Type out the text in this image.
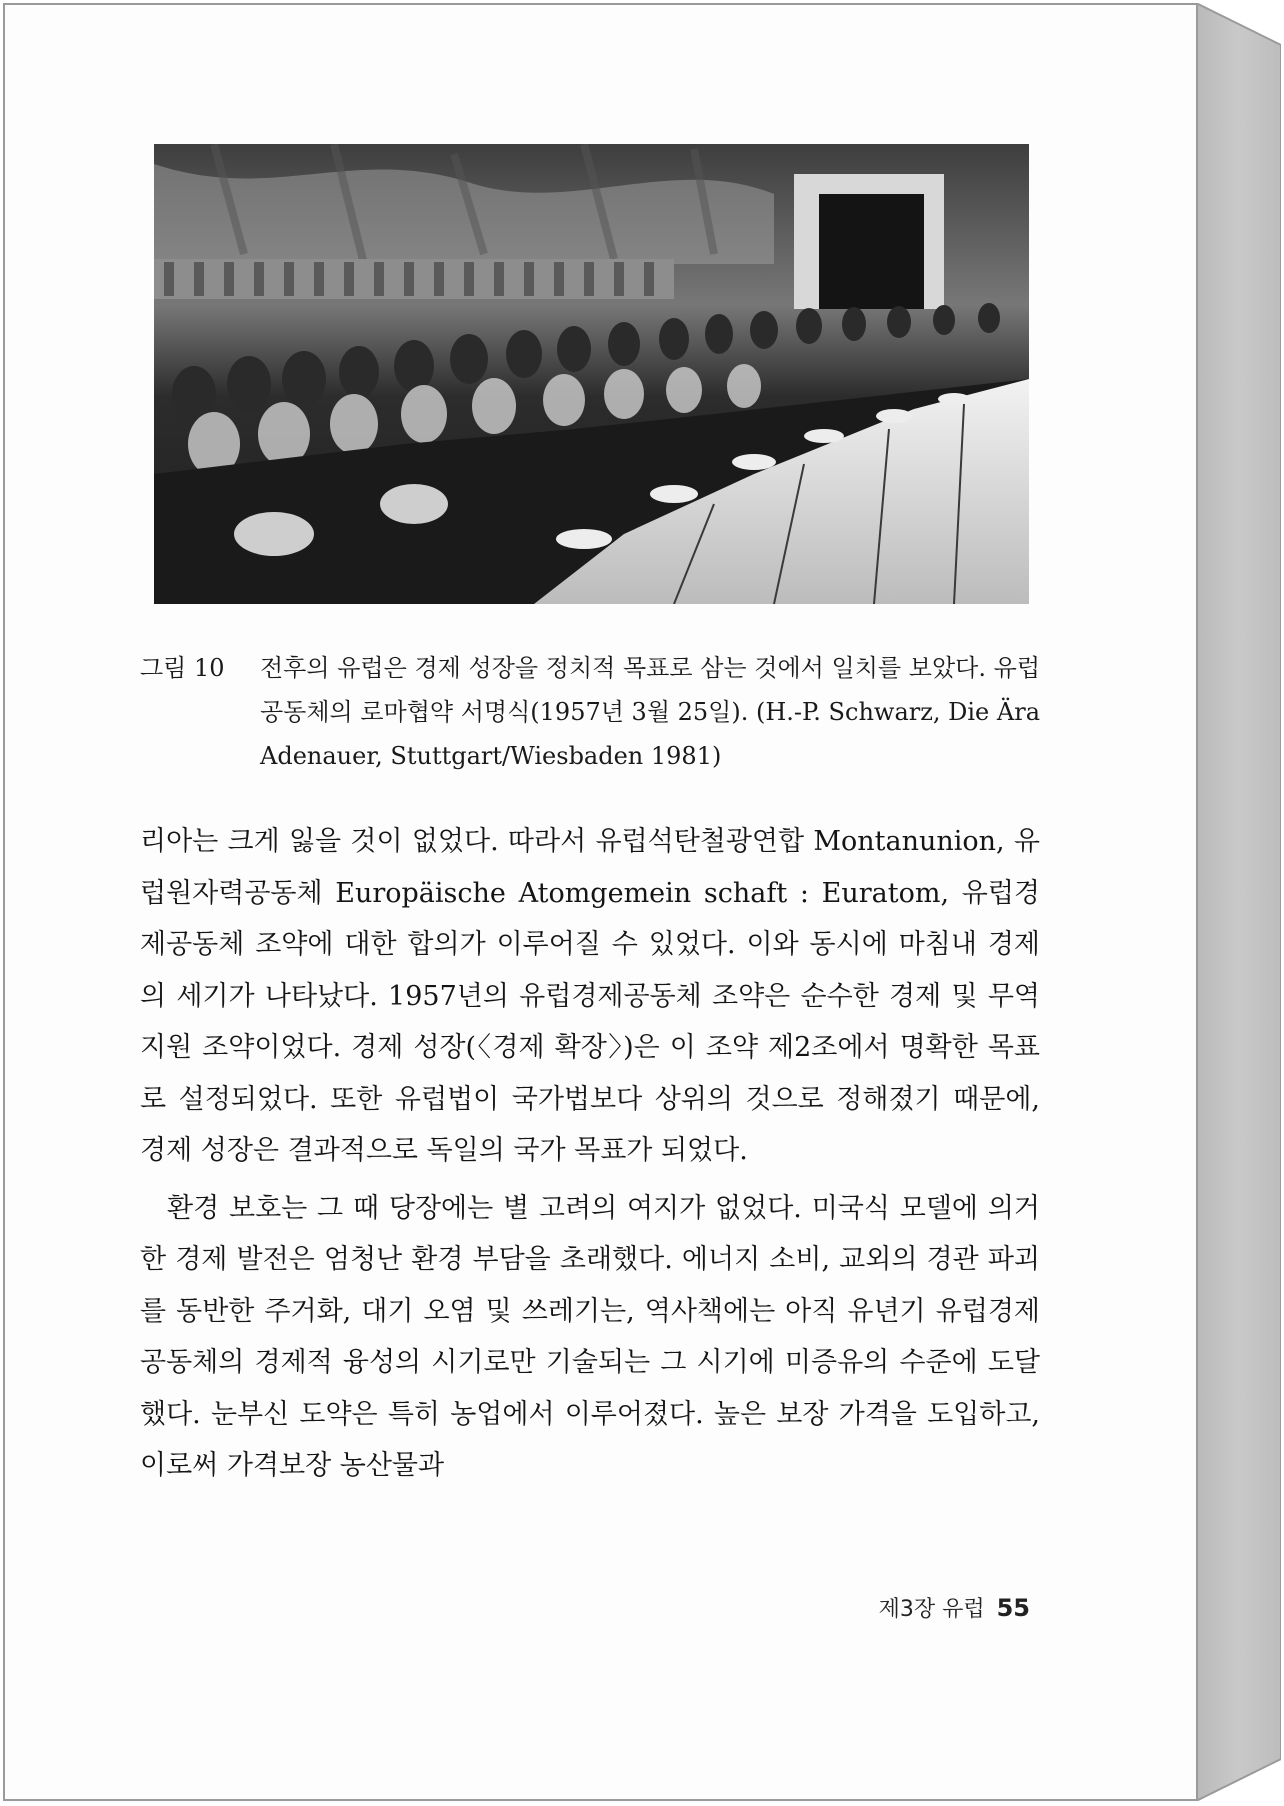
그림 10 전후의 유럽은 경제 성장을 정치적 목표로 삼는 것에서 일치를 보았다. 유럽공동체의 로마협약 서명식(1957년 3월 25일). (H.-P. Schwarz, Die Ära Adenauer, Stuttgart/Wiesbaden 1981)

리아는 크게 잃을 것이 없었다. 따라서 유럽석탄철광연합 Montanunion, 유럽원자력공동체 Europäische Atomgemein schaft : Euratom, 유럽경제공동체 조약에 대한 합의가 이루어질 수 있었다. 이와 동시에 마침내 경제의 세기가 나타났다. 1957년의 유럽경제공동체 조약은 순수한 경제 및 무역 지원 조약이었다. 경제 성장(〈경제 확장〉)은 이 조약 제2조에서 명확한 목표로 설정되었다. 또한 유럽법이 국가법보다 상위의 것으로 정해졌기 때문에, 경제 성장은 결과적으로 독일의 국가 목표가 되었다.

환경 보호는 그 때 당장에는 별 고려의 여지가 없었다. 미국식 모델에 의거한 경제 발전은 엄청난 환경 부담을 초래했다. 에너지 소비, 교외의 경관 파괴를 동반한 주거화, 대기 오염 및 쓰레기는, 역사책에는 아직 유년기 유럽경제공동체의 경제적 융성의 시기로만 기술되는 그 시기에 미증유의 수준에 도달했다. 눈부신 도약은 특히 농업에서 이루어졌다. 높은 보장 가격을 도입하고, 이로써 가격보장 농산물과

제3장 유럽 55
